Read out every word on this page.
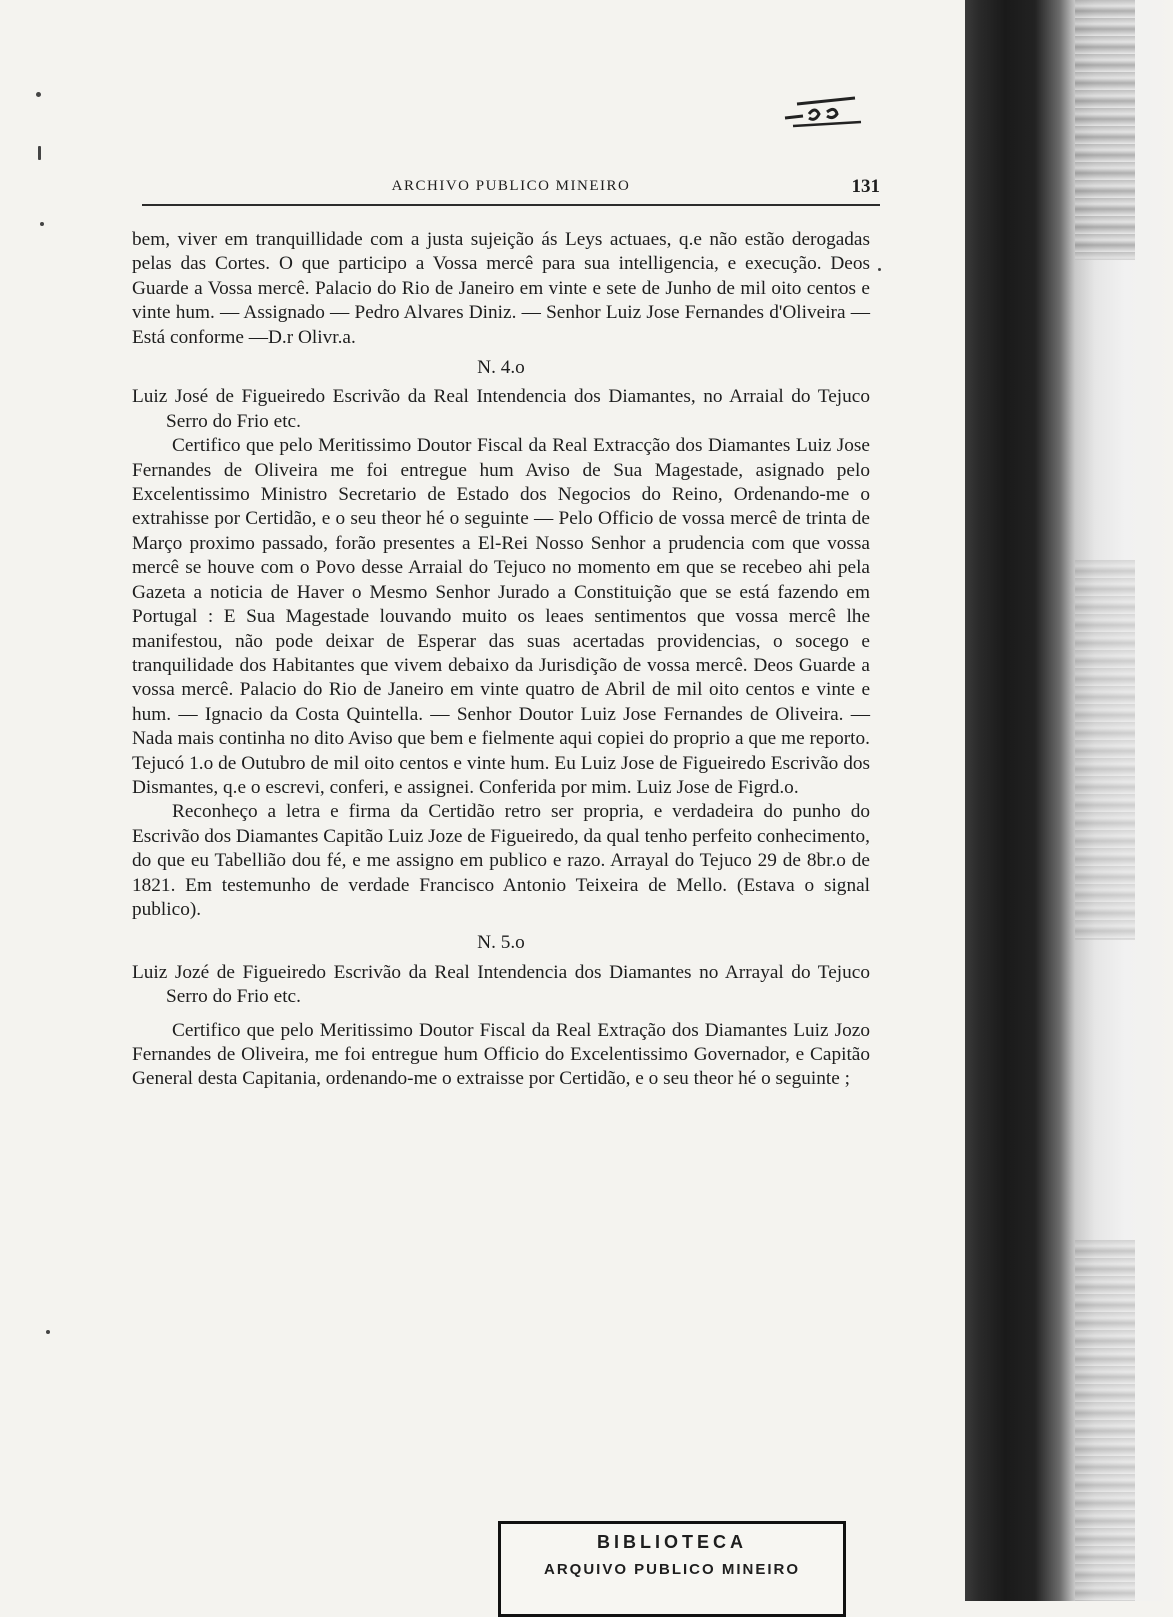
ARCHIVO PUBLICO MINEIRO	131

bem, viver em tranquillidade com a justa sujeição ás Leys actuaes, q.e não estão derogadas pelas das Cortes. O que participo a Vossa mercê para sua intelligencia, e execução. Deos Guarde a Vossa mercê. Palacio do Rio de Janeiro em vinte e sete de Junho de mil oito centos e vinte hum. — Assignado — Pedro Alvares Diniz. — Senhor Luiz Jose Fernandes d'Oliveira — Está conforme —D.r Olivr.a.

N. 4.o

Luiz José de Figueiredo Escrivão da Real Intendencia dos Diamantes, no Arraial do Tejuco Serro do Frio etc.

Certifico que pelo Meritissimo Doutor Fiscal da Real Extracção dos Diamantes Luiz Jose Fernandes de Oliveira me foi entregue hum Aviso de Sua Magestade, asignado pelo Excelentissimo Ministro Secretario de Estado dos Negocios do Reino, Ordenando-me o extrahisse por Certidão, e o seu theor hé o seguinte — Pelo Officio de vossa mercê de trinta de Março proximo passado, forão presentes a El-Rei Nosso Senhor a prudencia com que vossa mercê se houve com o Povo desse Arraial do Tejuco no momento em que se recebeo ahi pela Gazeta a noticia de Haver o Mesmo Senhor Jurado a Constituição que se está fazendo em Portugal : E Sua Magestade louvando muito os leaes sentimentos que vossa mercê lhe manifestou, não pode deixar de Esperar das suas acertadas providencias, o socego e tranquilidade dos Habitantes que vivem debaixo da Jurisdição de vossa mercê. Deos Guarde a vossa mercê. Palacio do Rio de Janeiro em vinte quatro de Abril de mil oito centos e vinte e hum. — Ignacio da Costa Quintella. — Senhor Doutor Luiz Jose Fernandes de Oliveira. — Nada mais continha no dito Aviso que bem e fielmente aqui copiei do proprio a que me reporto. Tejucó 1.o de Outubro de mil oito centos e vinte hum. Eu Luiz Jose de Figueiredo Escrivão dos Dismantes, q.e o escrevi, conferi, e assignei. Conferida por mim. Luiz Jose de Figrd.o.

Reconheço a letra e firma da Certidão retro ser propria, e verdadeira do punho do Escrivão dos Diamantes Capitão Luiz Joze de Figueiredo, da qual tenho perfeito conhecimento, do que eu Tabellião dou fé, e me assigno em publico e razo. Arrayal do Tejuco 29 de 8br.o de 1821. Em testemunho de verdade Francisco Antonio Teixeira de Mello. (Estava o signal publico).

N. 5.o

Luiz Jozé de Figueiredo Escrivão da Real Intendencia dos Diamantes no Arrayal do Tejuco Serro do Frio etc.

Certifico que pelo Meritissimo Doutor Fiscal da Real Extração dos Diamantes Luiz Jozo Fernandes de Oliveira, me foi entregue hum Officio do Excelentissimo Governador, e Capitão General desta Capitania, ordenando-me o extraisse por Certidão, e o seu theor hé o seguinte ;

BIBLIOTECA
ARQUIVO PUBLICO MINEIRO
